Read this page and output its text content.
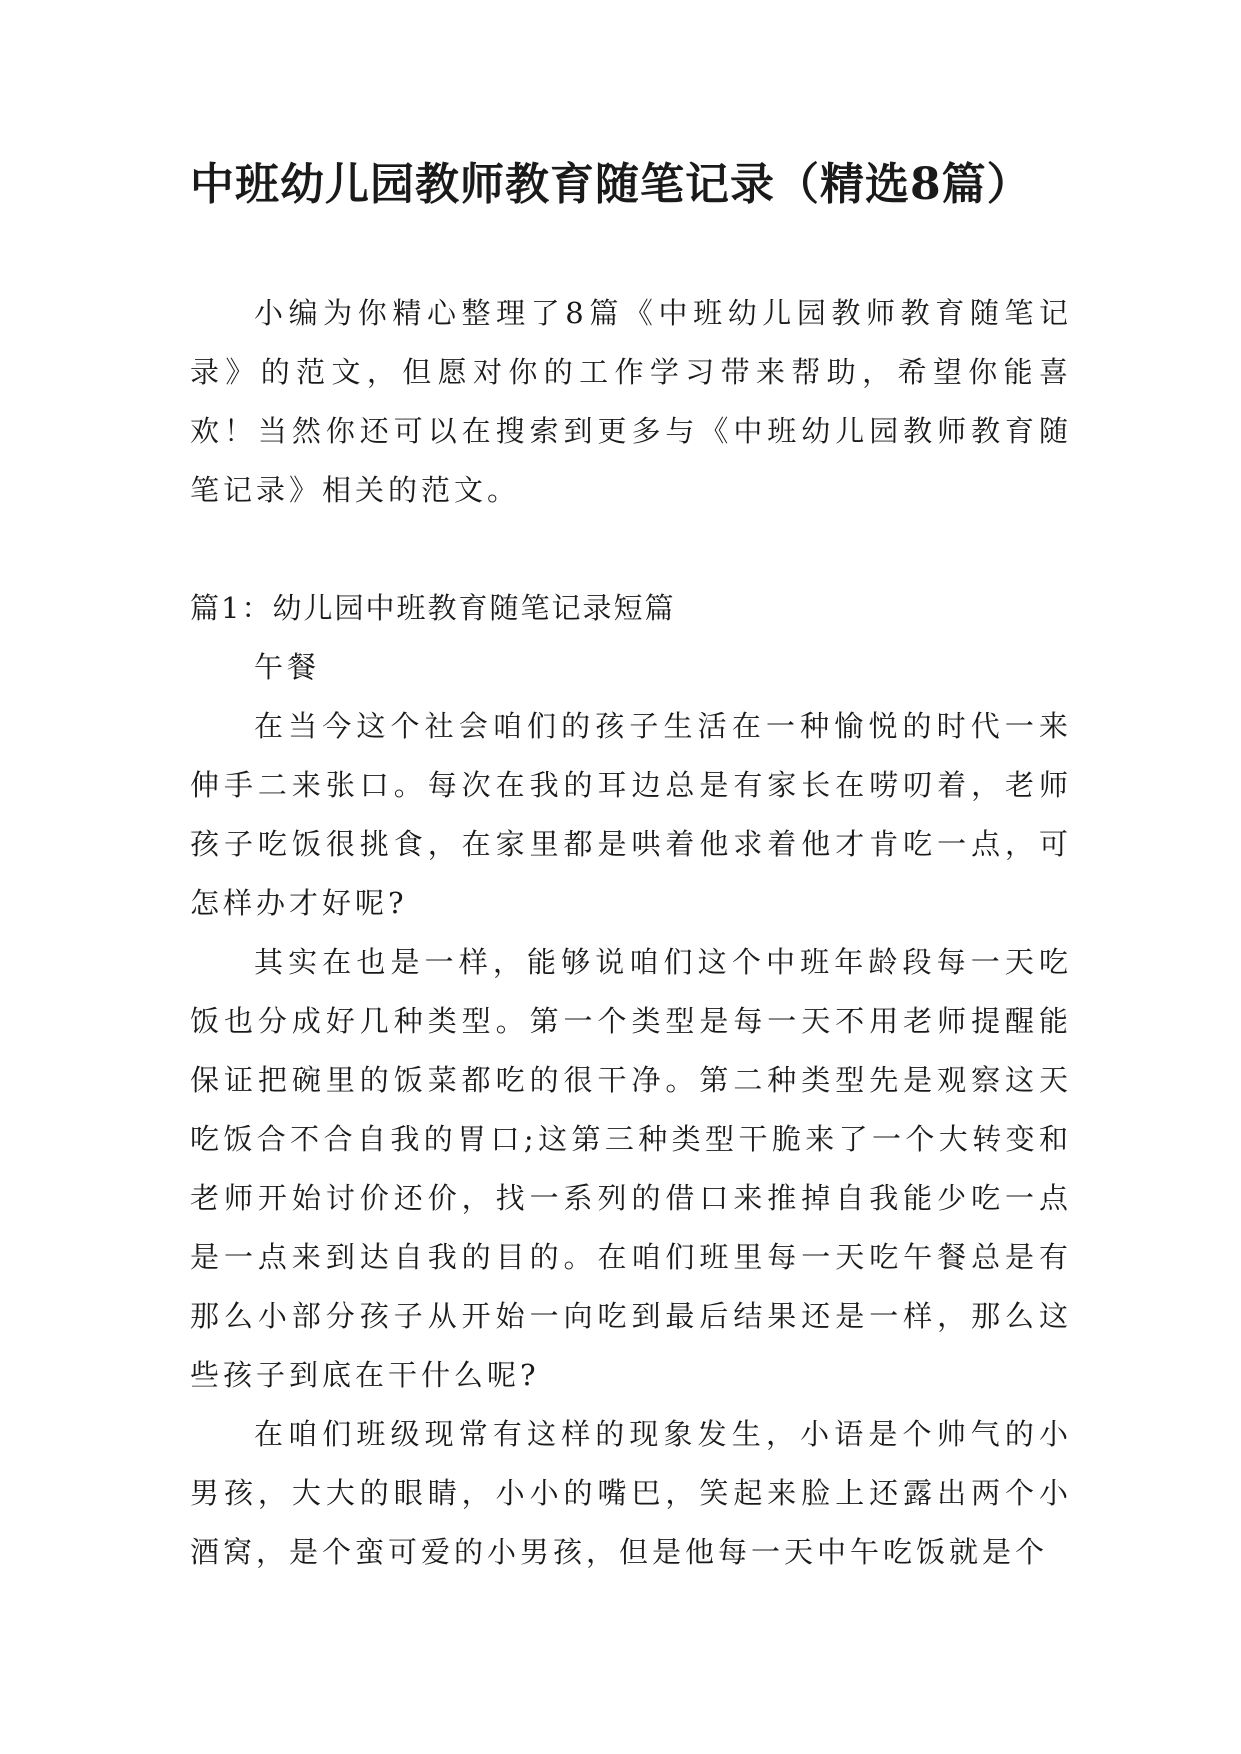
中班幼儿园教师教育随笔记录（精选8篇）

小编为你精心整理了8篇《中班幼儿园教师教育随笔记录》的范文，但愿对你的工作学习带来帮助，希望你能喜欢！当然你还可以在搜索到更多与《中班幼儿园教师教育随笔记录》相关的范文。

篇1：幼儿园中班教育随笔记录短篇

午餐

在当今这个社会咱们的孩子生活在一种愉悦的时代一来伸手二来张口。每次在我的耳边总是有家长在唠叨着，老师孩子吃饭很挑食，在家里都是哄着他求着他才肯吃一点，可怎样办才好呢?

其实在也是一样，能够说咱们这个中班年龄段每一天吃饭也分成好几种类型。第一个类型是每一天不用老师提醒能保证把碗里的饭菜都吃的很干净。第二种类型先是观察这天吃饭合不合自我的胃口;这第三种类型干脆来了一个大转变和老师开始讨价还价，找一系列的借口来推掉自我能少吃一点是一点来到达自我的目的。在咱们班里每一天吃午餐总是有那么小部分孩子从开始一向吃到最后结果还是一样，那么这些孩子到底在干什么呢?

在咱们班级现常有这样的现象发生，小语是个帅气的小男孩，大大的眼睛，小小的嘴巴，笑起来脸上还露出两个小酒窝，是个蛮可爱的小男孩，但是他每一天中午吃饭就是个
